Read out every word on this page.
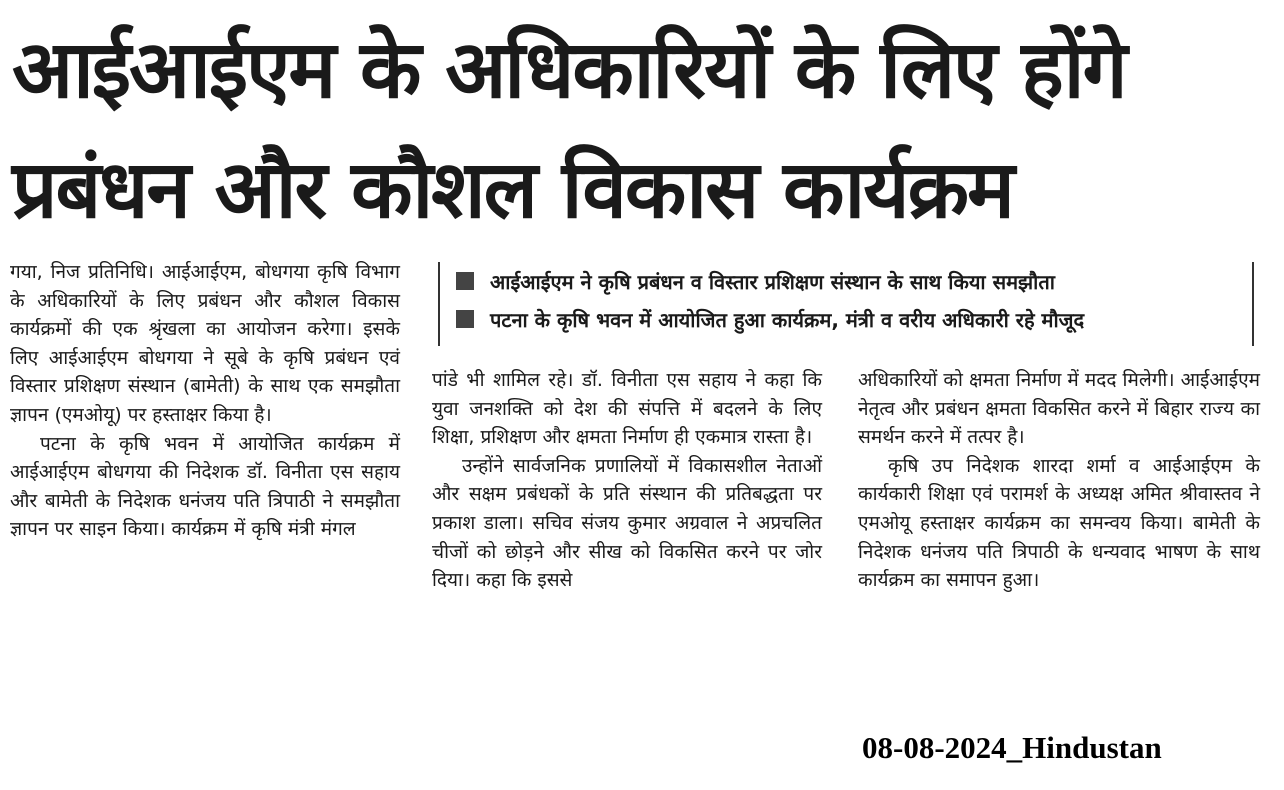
आईआईएम के अधिकारियों के लिए होंगे
प्रबंधन और कौशल विकास कार्यक्रम

गया, निज प्रतिनिधि। आईआईएम, बोधगया कृषि विभाग के अधिकारियों के लिए प्रबंधन और कौशल विकास कार्यक्रमों की एक श्रृंखला का आयोजन करेगा। इसके लिए आईआईएम बोधगया ने सूबे के कृषि प्रबंधन एवं विस्तार प्रशिक्षण संस्थान (बामेती) के साथ एक समझौता ज्ञापन (एमओयू) पर हस्ताक्षर किया है।

पटना के कृषि भवन में आयोजित कार्यक्रम में आईआईएम बोधगया की निदेशक डॉ. विनीता एस सहाय और बामेती के निदेशक धनंजय पति त्रिपाठी ने समझौता ज्ञापन पर साइन किया। कार्यक्रम में कृषि मंत्री मंगल

आईआईएम ने कृषि प्रबंधन व विस्तार प्रशिक्षण संस्थान के साथ किया समझौता
पटना के कृषि भवन में आयोजित हुआ कार्यक्रम, मंत्री व वरीय अधिकारी रहे मौजूद

पांडे भी शामिल रहे। डॉ. विनीता एस सहाय ने कहा कि युवा जनशक्ति को देश की संपत्ति में बदलने के लिए शिक्षा, प्रशिक्षण और क्षमता निर्माण ही एकमात्र रास्ता है।

उन्होंने सार्वजनिक प्रणालियों में विकासशील नेताओं और सक्षम प्रबंधकों के प्रति संस्थान की प्रतिबद्धता पर प्रकाश डाला। सचिव संजय कुमार अग्रवाल ने अप्रचलित चीजों को छोड़ने और सीख को विकसित करने पर जोर दिया। कहा कि इससे

अधिकारियों को क्षमता निर्माण में मदद मिलेगी। आईआईएम नेतृत्व और प्रबंधन क्षमता विकसित करने में बिहार राज्य का समर्थन करने में तत्पर है।

कृषि उप निदेशक शारदा शर्मा व आईआईएम के कार्यकारी शिक्षा एवं परामर्श के अध्यक्ष अमित श्रीवास्तव ने एमओयू हस्ताक्षर कार्यक्रम का समन्वय किया। बामेती के निदेशक धनंजय पति त्रिपाठी के धन्यवाद भाषण के साथ कार्यक्रम का समापन हुआ।

08-08-2024_Hindustan
